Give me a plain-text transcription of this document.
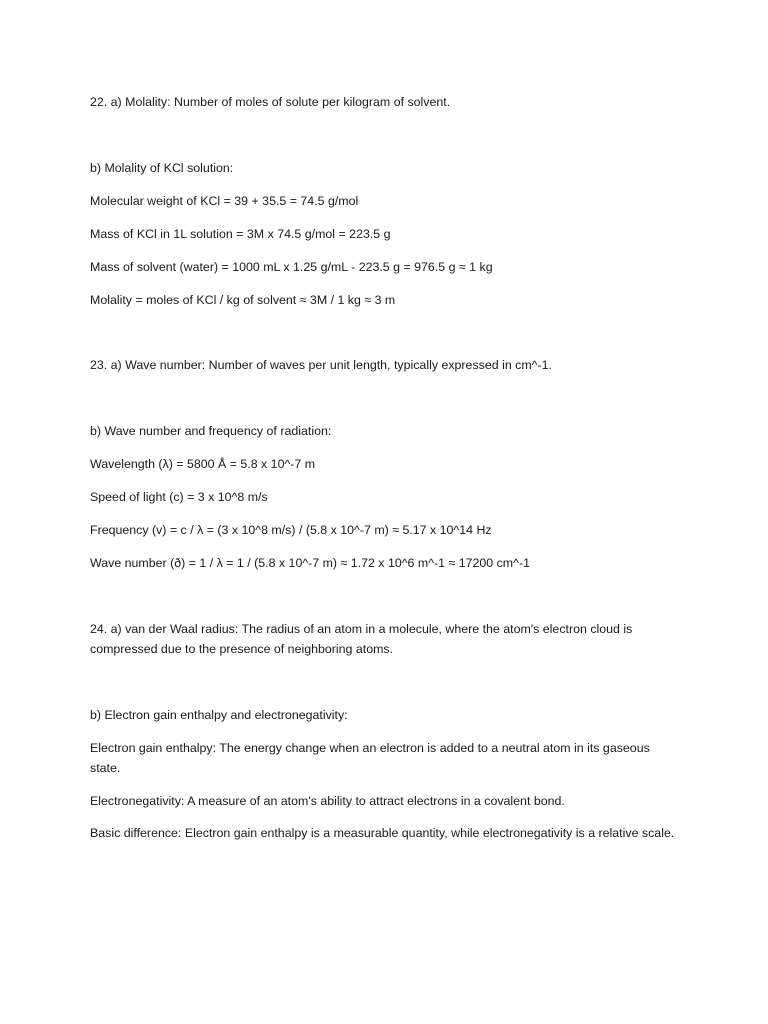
22. a) Molality: Number of moles of solute per kilogram of solvent.

b) Molality of KCl solution:

Molecular weight of KCl = 39 + 35.5 = 74.5 g/mol

Mass of KCl in 1L solution = 3M x 74.5 g/mol = 223.5 g

Mass of solvent (water) = 1000 mL x 1.25 g/mL - 223.5 g = 976.5 g ≈ 1 kg

Molality = moles of KCl / kg of solvent ≈ 3M / 1 kg ≈ 3 m

23. a) Wave number: Number of waves per unit length, typically expressed in cm^-1.

b) Wave number and frequency of radiation:

Wavelength (λ) = 5800 Å = 5.8 x 10^-7 m

Speed of light (c) = 3 x 10^8 m/s

Frequency (v) = c / λ = (3 x 10^8 m/s) / (5.8 x 10^-7 m) ≈ 5.17 x 10^14 Hz

Wave number (ð) = 1 / λ = 1 / (5.8 x 10^-7 m) ≈ 1.72 x 10^6 m^-1 ≈ 17200 cm^-1

24. a) van der Waal radius: The radius of an atom in a molecule, where the atom's electron cloud is compressed due to the presence of neighboring atoms.

b) Electron gain enthalpy and electronegativity:

Electron gain enthalpy: The energy change when an electron is added to a neutral atom in its gaseous state.

Electronegativity: A measure of an atom's ability to attract electrons in a covalent bond.

Basic difference: Electron gain enthalpy is a measurable quantity, while electronegativity is a relative scale.
